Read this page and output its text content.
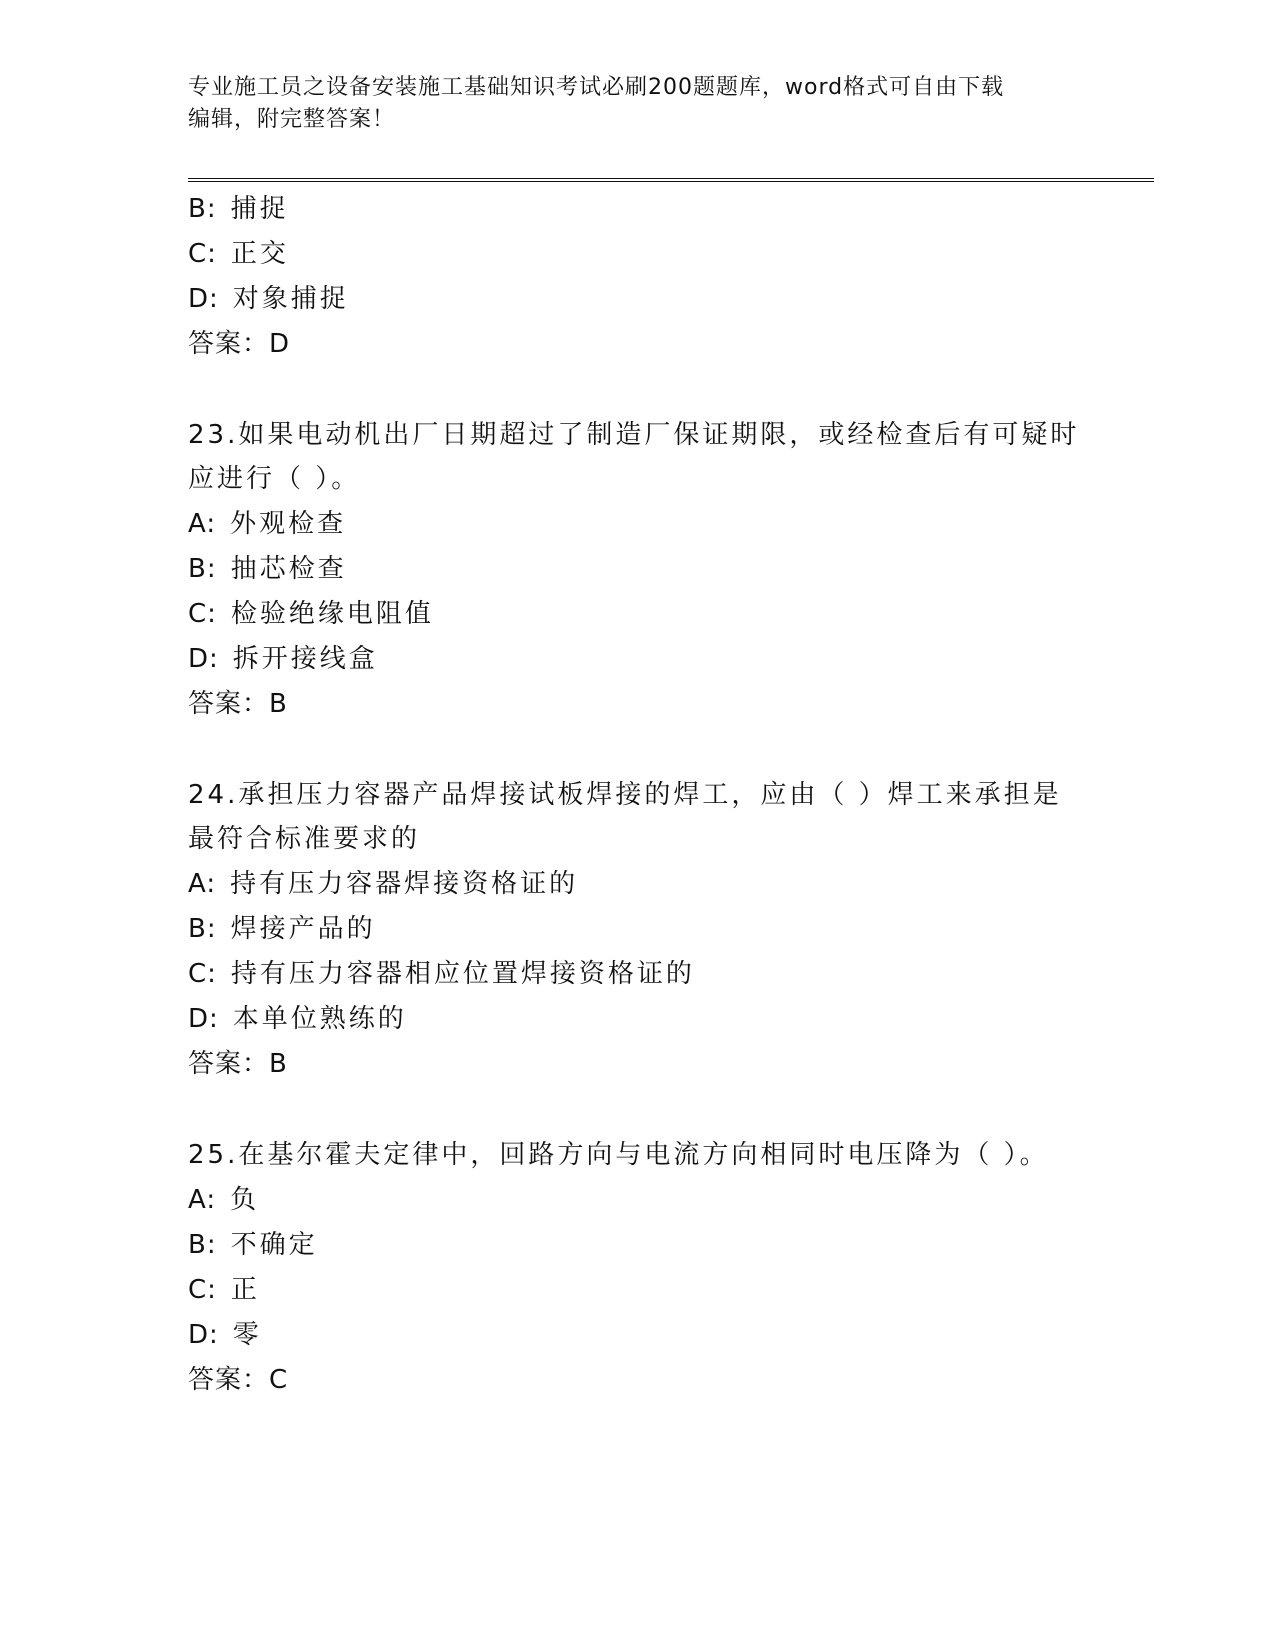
专业施工员之设备安装施工基础知识考试必刷200题题库，word格式可自由下载
编辑，附完整答案！
B: 捕捉
C: 正交
D: 对象捕捉
答案：D
23.如果电动机出厂日期超过了制造厂保证期限，或经检查后有可疑时
应进行（ ）。
A: 外观检查
B: 抽芯检查
C: 检验绝缘电阻值
D: 拆开接线盒
答案：B
24.承担压力容器产品焊接试板焊接的焊工，应由（ ）焊工来承担是
最符合标准要求的
A: 持有压力容器焊接资格证的
B: 焊接产品的
C: 持有压力容器相应位置焊接资格证的
D: 本单位熟练的
答案：B
25.在基尔霍夫定律中，回路方向与电流方向相同时电压降为（ ）。
A: 负
B: 不确定
C: 正
D: 零
答案：C
